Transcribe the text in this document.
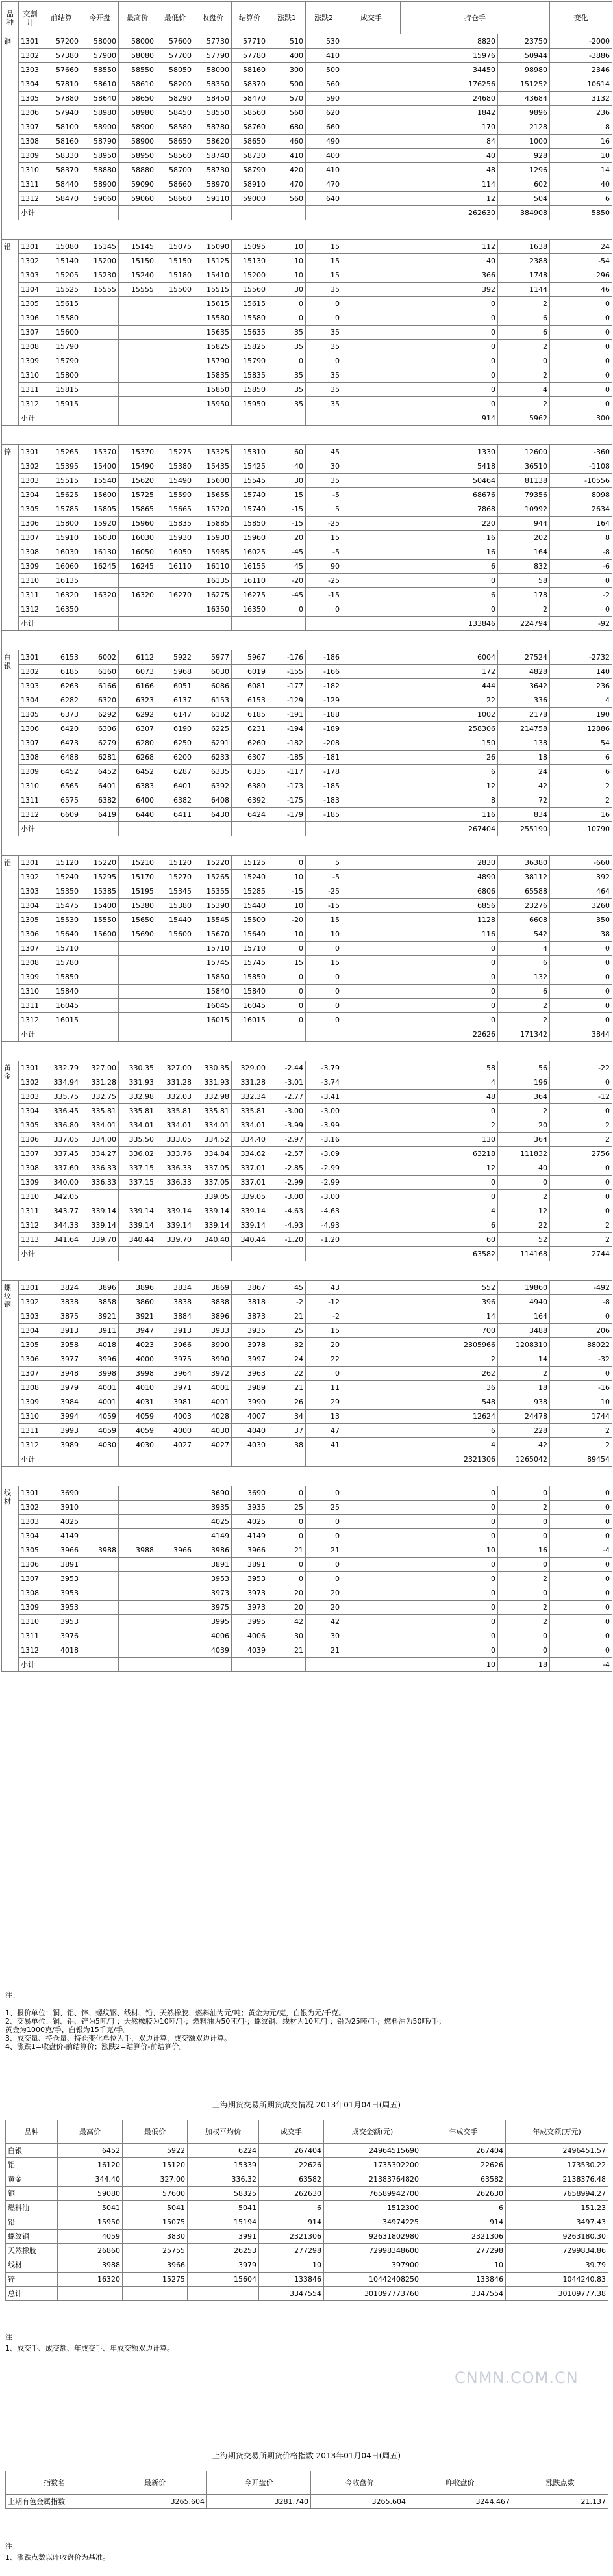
品种	交割月	前结算	今开盘	最高价	最低价	收盘价	结算价	涨跌1	涨跌2	成交手	持仓手		变化
铜	1301	57200	58000	58000	57600	57730	57710	510	530	8820		23750	-2000
	1302	57380	57900	58080	57700	57790	57780	400	410	15976		50944	-3886
	1303	57660	58550	58550	58050	58000	58160	300	500	34450		98980	2346
	1304	57810	58610	58610	58200	58350	58370	500	560	176256		151252	10614
	1305	57880	58640	58650	58290	58450	58470	570	590	24680		43684	3132
	1306	57940	58980	58980	58450	58550	58560	560	620	1842		9896	236
	1307	58100	58900	58900	58580	58780	58760	680	660	170		2128	8
	1308	58160	58790	58900	58650	58620	58650	460	490	84		1000	16
	1309	58330	58950	58950	58560	58740	58730	410	400	40		928	10
	1310	58370	58880	58880	58700	58730	58790	420	410	48		1296	14
	1311	58440	58900	59090	58660	58970	58910	470	470	114		602	40
	1312	58470	59060	59060	58660	59110	59000	560	640	12		504	6
	小计									262630		384908	5850

铅	1301	15080	15145	15145	15075	15090	15095	10	15	112		1638	24
	1302	15140	15200	15150	15150	15125	15130	10	15	40		2388	-54
	1303	15205	15230	15240	15180	15410	15200	10	15	366		1748	296
	1304	15525	15555	15555	15500	15515	15560	30	35	392		1144	46
	1305	15615				15615	15615	0	0	0		2	0
	1306	15580				15580	15580	0	0	0		6	0
	1307	15600				15635	15635	35	35	0		6	0
	1308	15790				15825	15825	35	35	0		2	0
	1309	15790				15790	15790	0	0	0		0	0
	1310	15800				15835	15835	35	35	0		2	0
	1311	15815				15850	15850	35	35	0		4	0
	1312	15915				15950	15950	35	35	0		2	0
	小计									914		5962	300

锌	1301	15265	15370	15370	15275	15325	15310	60	45	1330		12600	-360
	1302	15395	15400	15490	15380	15435	15425	40	30	5418		36510	-1108
	1303	15515	15540	15620	15490	15600	15545	30	35	50464		81138	-10556
	1304	15625	15600	15725	15590	15655	15740	15	-5	68676		79356	8098
	1305	15785	15805	15865	15665	15720	15740	-15	5	7868		10992	2634
	1306	15800	15920	15960	15835	15885	15850	-15	-25	220		944	164
	1307	15910	16030	16030	15930	15930	15960	20	15	16		202	8
	1308	16030	16130	16050	16050	15985	16025	-45	-5	16		164	-8
	1309	16060	16245	16245	16110	16110	16155	45	90	6		832	-6
	1310	16135				16135	16110	-20	-25	0		58	0
	1311	16320	16320	16320	16270	16275	16275	-45	-15	6		178	-2
	1312	16350				16350	16350	0	0	0		2	0
	小计									133846		224794	-92

白银	1301	6153	6002	6112	5922	5977	5967	-176	-186	6004		27524	-2732
	1302	6185	6160	6073	5968	6030	6019	-155	-166	172		4828	140
	1303	6263	6166	6166	6051	6086	6081	-177	-182	444		3642	236
	1304	6282	6320	6323	6137	6153	6153	-129	-129	22		336	4
	1305	6373	6292	6292	6147	6182	6185	-191	-188	1002		2178	190
	1306	6420	6306	6307	6190	6225	6231	-194	-189	258306		214758	12886
	1307	6473	6279	6280	6250	6291	6260	-182	-208	150		138	54
	1308	6488	6281	6268	6200	6233	6307	-185	-181	26		18	6
	1309	6452	6452	6452	6287	6335	6335	-117	-178	6		24	6
	1310	6565	6401	6383	6401	6392	6380	-173	-185	12		42	2
	1311	6575	6382	6400	6382	6408	6392	-175	-183	8		72	2
	1312	6609	6419	6440	6411	6430	6424	-179	-185	116		834	16
	小计									267404		255190	10790

铝	1301	15120	15220	15210	15120	15220	15125	0	5	2830		36380	-660
	1302	15240	15295	15170	15270	15265	15240	10	-5	4890		38112	392
	1303	15350	15385	15195	15345	15355	15285	-15	-25	6806		65588	464
	1304	15475	15400	15380	15380	15390	15440	10	-15	6856		23276	3260
	1305	15530	15550	15650	15440	15545	15500	-20	15	1128		6608	350
	1306	15640	15600	15690	15600	15670	15640	10	10	116		542	38
	1307	15710				15710	15710	0	0	0		4	0
	1308	15780				15745	15745	15	15	0		6	0
	1309	15850				15850	15850	0	0	0		132	0
	1310	15840				15840	15840	0	0	0		6	0
	1311	16045				16045	16045	0	0	0		2	0
	1312	16015				16015	16015	0	0	0		2	0
	小计									22626		171342	3844

黄金	1301	332.79	327.00	330.35	327.00	330.35	329.00	-2.44	-3.79	58		56	-22
	1302	334.94	331.28	331.93	331.28	331.93	331.28	-3.01	-3.74	4		196	0
	1303	335.75	332.75	332.98	332.03	332.98	332.34	-2.77	-3.41	48		364	-12
	1304	336.45	335.81	335.81	335.81	335.81	335.81	-3.00	-3.00	0		2	0
	1305	336.80	334.01	334.01	334.01	334.01	334.01	-3.99	-3.99	2		20	2
	1306	337.05	334.00	335.50	333.05	334.52	334.40	-2.97	-3.16	130		364	2
	1307	337.45	334.27	336.02	333.76	334.84	334.62	-2.57	-3.09	63218		111832	2756
	1308	337.60	336.33	337.15	336.33	337.05	337.01	-2.85	-2.99	12		40	0
	1309	340.00	336.33	337.15	336.33	337.05	337.01	-2.99	-2.99	0		0	0
	1310	342.05				339.05	339.05	-3.00	-3.00	0		2	0
	1311	343.77	339.14	339.14	339.14	339.14	339.14	-4.63	-4.63	4		12	0
	1312	344.33	339.14	339.14	339.14	339.14	339.14	-4.93	-4.93	6		22	2
	1313	341.64	339.70	340.44	339.70	340.40	340.44	-1.20	-1.20	60		52	2
	小计									63582		114168	2744

螺纹钢	1301	3824	3896	3896	3834	3869	3867	45	43	552		19860	-492
	1302	3838	3858	3860	3838	3838	3818	-2	-12	396		4940	-8
	1303	3875	3921	3921	3884	3896	3873	21	-2	14		164	0
	1304	3913	3911	3947	3913	3933	3935	25	15	700		3488	206
	1305	3958	4018	4023	3966	3990	3978	32	20	2305966		1208310	88022
	1306	3977	3996	4000	3975	3990	3997	24	22	2		14	-32
	1307	3948	3998	3998	3964	3972	3963	22	0	262		2	0
	1308	3979	4001	4010	3971	4001	3989	21	11	36		18	-16
	1309	3984	4001	4031	3981	4001	3990	26	29	548		938	10
	1310	3994	4059	4059	4003	4028	4007	34	13	12624		24478	1744
	1311	3993	4059	4059	4000	4030	4040	37	47	6		228	2
	1312	3989	4030	4030	4027	4027	4030	38	41	4		42	2
	小计									2321306		1265042	89454

线材	1301	3690				3690	3690	0	0	0		0	0
	1302	3910				3935	3935	25	25	0		2	0
	1303	4025				4025	4025	0	0	0		0	0
	1304	4149				4149	4149	0	0	0		0	0
	1305	3966	3988	3988	3966	3986	3966	21	21	10		16	-4
	1306	3891				3891	3891	0	0	0		0	0
	1307	3953				3953	3953	0	0	0		2	0
	1308	3953				3973	3973	20	20	0		0	0
	1309	3953				3975	3973	20	20	0		2	0
	1310	3953				3995	3995	42	42	0		2	0
	1311	3976				4006	4006	30	30	0		0	0
	1312	4018				4039	4039	21	21	0		0	0
	小计									10		18	-4
注：
1、报价单位：铜、铝、锌、螺纹钢、线材、铅、天然橡胶、燃料油为元/吨；黄金为元/克，白银为元/千克。
2、交易单位：铜、铝、锌为5吨/手；天然橡胶为10吨/手；燃料油为50吨/手；螺纹钢、线材为10吨/手；铅为25吨/手；燃料油为50吨/手；
黄金为1000克/手，白银为15千克/手。
3、成交量、持仓量、持仓变化单位为手，双边计算，成交额双边计算。
4、涨跌1=收盘价-前结算价；涨跌2=结算价-前结算价。
上海期货交易所期货成交情况 2013年01月04日(周五)
品种	最高价	最低价	加权平均价	成交手	成交金额(元)	年成交手	年成交额(万元)
白银	6452	5922	6224	267404	24964515690	267404	2496451.57
铝	16120	15120	15339	22626	1735302200	22626	173530.22
黄金	344.40	327.00	336.32	63582	21383764820	63582	2138376.48
铜	59080	57600	58325	262630	76589942700	262630	7658994.27
燃料油	5041	5041	5041	6	1512300	6	151.23
铅	15950	15075	15194	914	34974225	914	3497.43
螺纹钢	4059	3830	3991	2321306	92631802980	2321306	9263180.30
天然橡胶	26860	25755	26253	277298	72998348600	277298	7299834.86
线材	3988	3966	3979	10	397900	10	39.79
锌	16320	15275	15604	133846	10442408250	133846	1044240.83
总计				3347554	301097773760	3347554	30109777.38
注：
1、成交手、成交额、年成交手、年成交额双边计算。
CNMN.COM.CN
上海期货交易所期货价格指数 2013年01月04日(周五)
指数名	最新价	今开盘价	今收盘价	昨收盘价	涨跌点数
上期有色金属指数	3265.604	3281.740	3265.604	3244.467	21.137
注：
1、涨跌点数以昨收盘价为基准。
